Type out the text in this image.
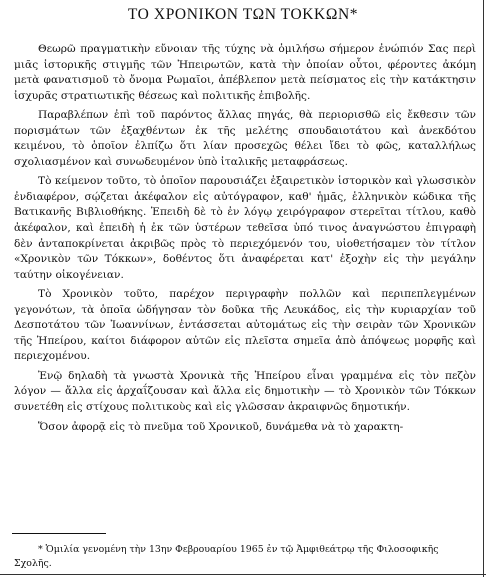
ΤΟ ΧΡΟΝΙΚΟΝ ΤΩΝ ΤΟΚΚΩΝ*

Θεωρῶ πραγματικὴν εὔνοιαν τῆς τύχης νὰ ὁμιλήσω σήμερον ἐνώπιόν Σας περὶ μιᾶς ἱστορικῆς στιγμῆς τῶν Ἠπειρωτῶν, κατὰ τὴν ὁποίαν οὗτοι, φέροντες ἀκόμη μετὰ φανατισμοῦ τὸ ὄνομα Ρωμαῖοι, ἀπέβλεπον μετὰ πείσματος εἰς τὴν κατάκτησιν ἰσχυρᾶς στρατιωτικῆς θέσεως καὶ πολιτικῆς ἐπιβολῆς.

Παραβλέπων ἐπὶ τοῦ παρόντος ἄλλας πηγάς, θὰ περιορισθῶ εἰς ἔκθεσιν τῶν πορισμάτων τῶν ἐξαχθέντων ἐκ τῆς μελέτης σπουδαιοτάτου καὶ ἀνεκδότου κειμένου, τὸ ὁποῖον ἐλπίζω ὅτι λίαν προσεχῶς θέλει ἴδει τὸ φῶς, καταλλήλως σχολιασμένον καὶ συνωδευμένον ὑπὸ ἰταλικῆς μεταφράσεως.

Τὸ κείμενον τοῦτο, τὸ ὁποῖον παρουσιάζει ἐξαιρετικὸν ἱστορικὸν καὶ γλωσσικὸν ἐνδιαφέρον, σῴζεται ἀκέφαλον εἰς αὐτόγραφον, καθ' ἡμᾶς, ἑλληνικὸν κώδικα τῆς Βατικανῆς Βιβλιοθήκης. Ἐπειδὴ δὲ τὸ ἐν λόγῳ χειρόγραφον στερεῖται τίτλου, καθὸ ἀκέφαλον, καὶ ἐπειδὴ ἡ ἐκ τῶν ὑστέρων τεθεῖσα ὑπό τινος ἀναγνώστου ἐπιγραφὴ δὲν ἀνταποκρίνεται ἀκριβῶς πρὸς τὸ περιεχόμενόν του, υἱοθετήσαμεν τὸν τίτλον «Χρονικὸν τῶν Τόκκων», δοθέντος ὅτι ἀναφέρεται κατ' ἐξοχὴν εἰς τὴν μεγάλην ταύτην οἰκογένειαν.

Τὸ Χρονικὸν τοῦτο, παρέχον περιγραφὴν πολλῶν καὶ περιπεπλεγμένων γεγονότων, τὰ ὁποῖα ὡδήγησαν τὸν δοῦκα τῆς Λευκάδος, εἰς τὴν κυριαρχίαν τοῦ Δεσποτάτου τῶν Ἰωαννίνων, ἐντάσσεται αὐτομάτως εἰς τὴν σειρὰν τῶν Χρονικῶν τῆς Ἠπείρου, καίτοι διάφορον αὐτῶν εἰς πλεῖστα σημεῖα ἀπὸ ἀπόψεως μορφῆς καὶ περιεχομένου.

Ἐνῷ δηλαδὴ τὰ γνωστὰ Χρονικὰ τῆς Ἠπείρου εἶναι γραμμένα εἰς τὸν πεζὸν λόγον — ἄλλα εἰς ἀρχαΐζουσαν καὶ ἄλλα εἰς δημοτικὴν — τὸ Χρονικὸν τῶν Τόκκων συνετέθη εἰς στίχους πολιτικοὺς καὶ εἰς γλῶσσαν ἀκραιφνῶς δημοτικήν.

Ὅσον ἀφορᾷ εἰς τὸ πνεῦμα τοῦ Χρονικοῦ, δυνάμεθα νὰ τὸ χαρακτη-

* Ὁμιλία γενομένη τὴν 13ην Φεβρουαρίου 1965 ἐν τῷ Ἀμφιθεάτρῳ τῆς Φιλοσοφικῆς Σχολῆς.
